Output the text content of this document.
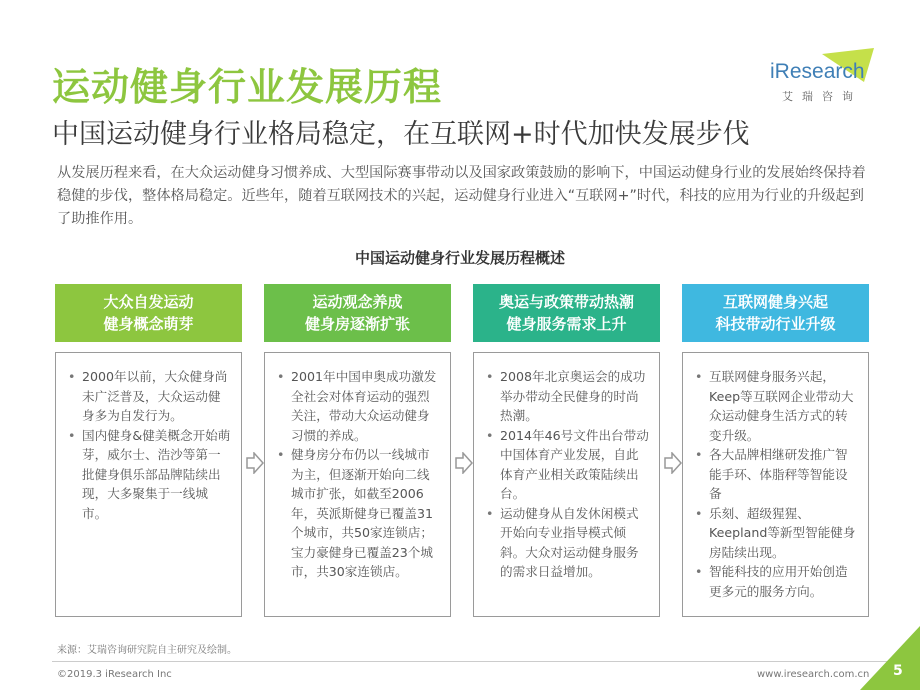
运动健身行业发展历程	iResearch
艾瑞咨询
中国运动健身行业格局稳定，在互联网+时代加快发展步伐
从发展历程来看，在大众运动健身习惯养成、大型国际赛事带动以及国家政策鼓励的影响下，中国运动健身行业的发展始终保持着稳健的步伐，整体格局稳定。近些年，随着互联网技术的兴起，运动健身行业进入“互联网+”时代，科技的应用为行业的升级起到了助推作用。
中国运动健身行业发展历程概述
大众自发运动
健身概念萌芽
运动观念养成
健身房逐渐扩张
奥运与政策带动热潮
健身服务需求上升
互联网健身兴起
科技带动行业升级
• 2000年以前，大众健身尚未广泛普及，大众运动健身多为自发行为。
• 国内健身&健美概念开始萌芽，威尔士、浩沙等第一批健身俱乐部品牌陆续出现，大多聚集于一线城市。
• 2001年中国申奥成功激发全社会对体育运动的强烈关注，带动大众运动健身习惯的养成。
• 健身房分布仍以一线城市为主，但逐渐开始向二线城市扩张，如截至2006年，英派斯健身已覆盖31个城市，共50家连锁店；宝力豪健身已覆盖23个城市，共30家连锁店。
• 2008年北京奥运会的成功举办带动全民健身的时尚热潮。
• 2014年46号文件出台带动中国体育产业发展，自此体育产业相关政策陆续出台。
• 运动健身从自发休闲模式开始向专业指导模式倾斜。大众对运动健身服务的需求日益增加。
• 互联网健身服务兴起，Keep等互联网企业带动大众运动健身生活方式的转变升级。
• 各大品牌相继研发推广智能手环、体脂秤等智能设备
• 乐刻、超级猩猩、Keepland等新型智能健身房陆续出现。
• 智能科技的应用开始创造更多元的服务方向。
来源：艾瑞咨询研究院自主研究及绘制。
©2019.3 iResearch Inc	www.iresearch.com.cn 5
